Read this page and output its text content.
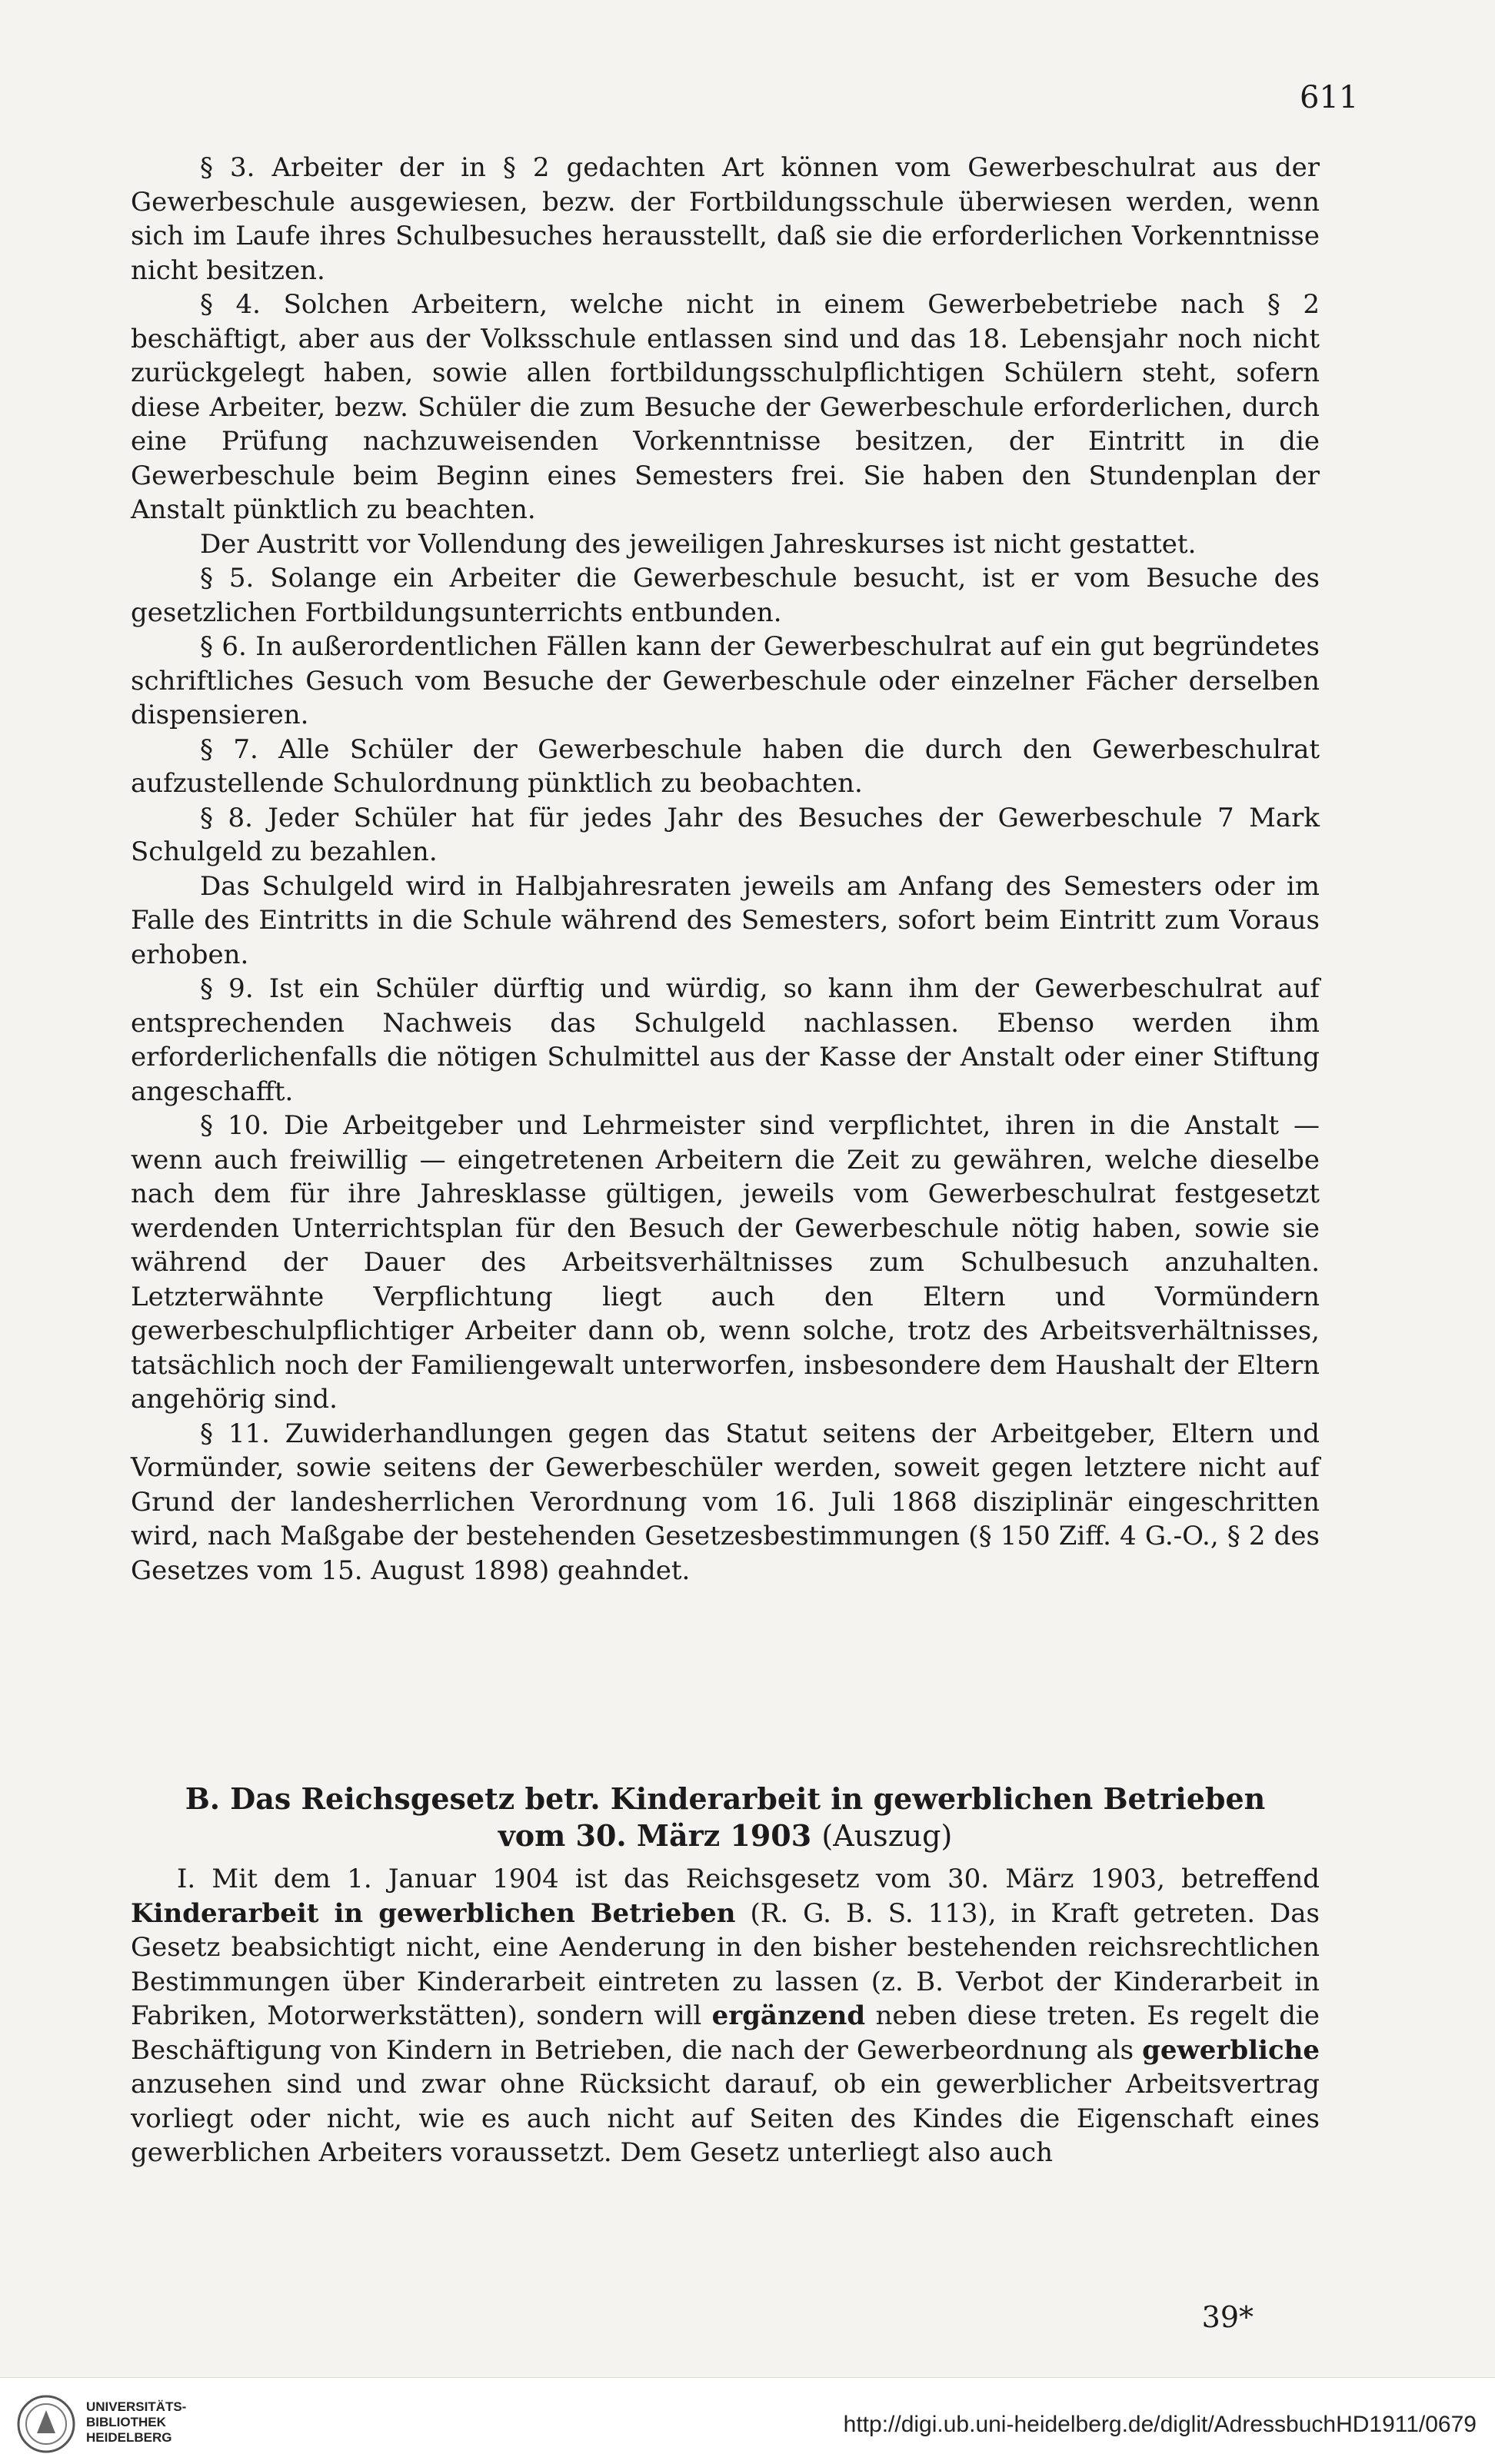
611

§ 3. Arbeiter der in § 2 gedachten Art können vom Gewerbeschulrat aus der Gewerbeschule ausgewiesen, bezw. der Fortbildungsschule überwiesen werden, wenn sich im Laufe ihres Schulbesuches herausstellt, daß sie die erforderlichen Vorkenntnisse nicht besitzen.

§ 4. Solchen Arbeitern, welche nicht in einem Gewerbebetriebe nach § 2 beschäftigt, aber aus der Volksschule entlassen sind und das 18. Lebensjahr noch nicht zurückgelegt haben, sowie allen fortbildungsschulpflichtigen Schülern steht, sofern diese Arbeiter, bezw. Schüler die zum Besuche der Gewerbeschule erforderlichen, durch eine Prüfung nachzuweisenden Vorkenntnisse besitzen, der Eintritt in die Gewerbeschule beim Beginn eines Semesters frei. Sie haben den Stundenplan der Anstalt pünktlich zu beachten.

Der Austritt vor Vollendung des jeweiligen Jahreskurses ist nicht gestattet.

§ 5. Solange ein Arbeiter die Gewerbeschule besucht, ist er vom Besuche des gesetzlichen Fortbildungsunterrichts entbunden.

§ 6. In außerordentlichen Fällen kann der Gewerbeschulrat auf ein gut begründetes schriftliches Gesuch vom Besuche der Gewerbeschule oder einzelner Fächer derselben dispensieren.

§ 7. Alle Schüler der Gewerbeschule haben die durch den Gewerbeschulrat aufzustellende Schulordnung pünktlich zu beobachten.

§ 8. Jeder Schüler hat für jedes Jahr des Besuches der Gewerbeschule 7 Mark Schulgeld zu bezahlen.

Das Schulgeld wird in Halbjahresraten jeweils am Anfang des Semesters oder im Falle des Eintritts in die Schule während des Semesters, sofort beim Eintritt zum Voraus erhoben.

§ 9. Ist ein Schüler dürftig und würdig, so kann ihm der Gewerbeschulrat auf entsprechenden Nachweis das Schulgeld nachlassen. Ebenso werden ihm erforderlichenfalls die nötigen Schulmittel aus der Kasse der Anstalt oder einer Stiftung angeschafft.

§ 10. Die Arbeitgeber und Lehrmeister sind verpflichtet, ihren in die Anstalt — wenn auch freiwillig — eingetretenen Arbeitern die Zeit zu gewähren, welche dieselbe nach dem für ihre Jahresklasse gültigen, jeweils vom Gewerbeschulrat festgesetzt werdenden Unterrichtsplan für den Besuch der Gewerbeschule nötig haben, sowie sie während der Dauer des Arbeitsverhältnisses zum Schulbesuch anzuhalten. Letzterwähnte Verpflichtung liegt auch den Eltern und Vormündern gewerbeschulpflichtiger Arbeiter dann ob, wenn solche, trotz des Arbeitsverhältnisses, tatsächlich noch der Familiengewalt unterworfen, insbesondere dem Haushalt der Eltern angehörig sind.

§ 11. Zuwiderhandlungen gegen das Statut seitens der Arbeitgeber, Eltern und Vormünder, sowie seitens der Gewerbeschüler werden, soweit gegen letztere nicht auf Grund der landesherrlichen Verordnung vom 16. Juli 1868 disziplinär eingeschritten wird, nach Maßgabe der bestehenden Gesetzesbestimmungen (§ 150 Ziff. 4 G.-O., § 2 des Gesetzes vom 15. August 1898) geahndet.

B. Das Reichsgesetz betr. Kinderarbeit in gewerblichen Betrieben
vom 30. März 1903 (Auszug)

I. Mit dem 1. Januar 1904 ist das Reichsgesetz vom 30. März 1903, betreffend Kinderarbeit in gewerblichen Betrieben (R. G. B. S. 113), in Kraft getreten. Das Gesetz beabsichtigt nicht, eine Aenderung in den bisher bestehenden reichsrechtlichen Bestimmungen über Kinderarbeit eintreten zu lassen (z. B. Verbot der Kinderarbeit in Fabriken, Motorwerkstätten), sondern will ergänzend neben diese treten. Es regelt die Beschäftigung von Kindern in Betrieben, die nach der Gewerbeordnung als gewerbliche anzusehen sind und zwar ohne Rücksicht darauf, ob ein gewerblicher Arbeitsvertrag vorliegt oder nicht, wie es auch nicht auf Seiten des Kindes die Eigenschaft eines gewerblichen Arbeiters voraussetzt. Dem Gesetz unterliegt also auch

39*
UNIVERSITÄTS-
BIBLIOTHEK
HEIDELBERG
http://digi.ub.uni-heidelberg.de/diglit/AdressbuchHD1911/0679
